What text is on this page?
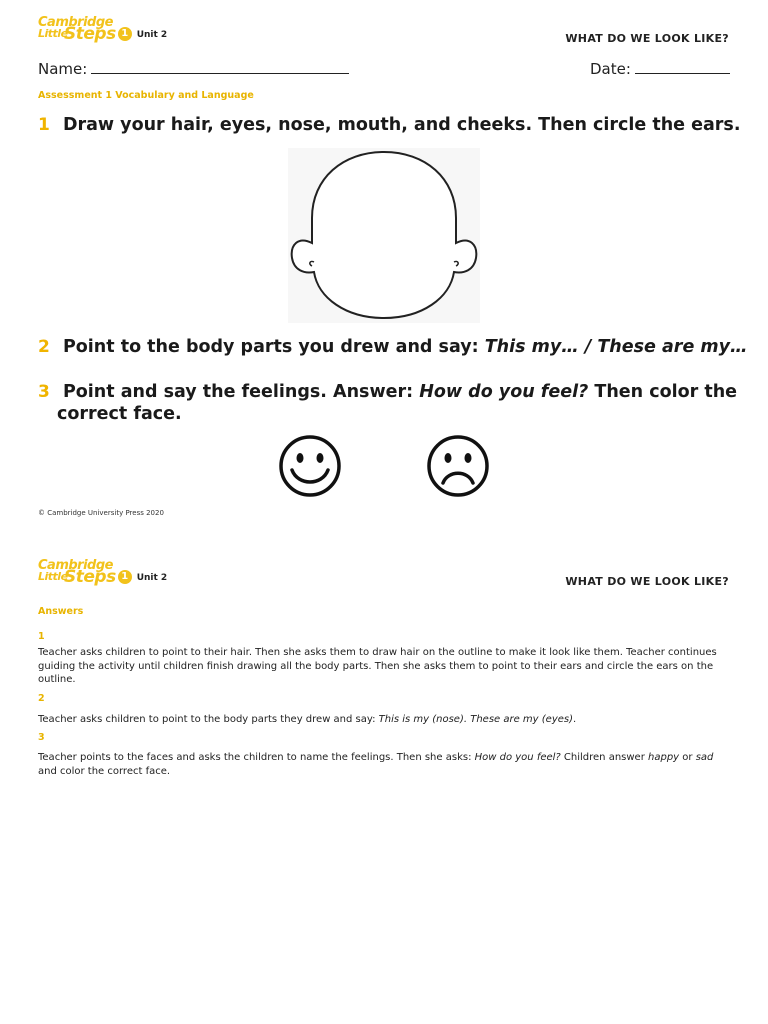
Cambridge
Little
Steps 1 Unit 2	WHAT DO WE LOOK LIKE?
Name:	Date:
Assessment 1 Vocabulary and Language
1 Draw your hair, eyes, nose, mouth, and cheeks. Then circle the ears.
2 Point to the body parts you drew and say: This my… / These are my…
3 Point and say the feelings. Answer: How do you feel? Then color the
correct face.
© Cambridge University Press 2020
Cambridge
Little
Steps 1 Unit 2	WHAT DO WE LOOK LIKE?
Answers
1
Teacher asks children to point to their hair. Then she asks them to draw hair on the outline to make it look like them. Teacher continues guiding the activity until children finish drawing all the body parts. Then she asks them to point to their ears and circle the ears on the outline.
2
Teacher asks children to point to the body parts they drew and say: This is my (nose). These are my (eyes).
3
Teacher points to the faces and asks the children to name the feelings. Then she asks: How do you feel? Children answer happy or sad and color the correct face.
